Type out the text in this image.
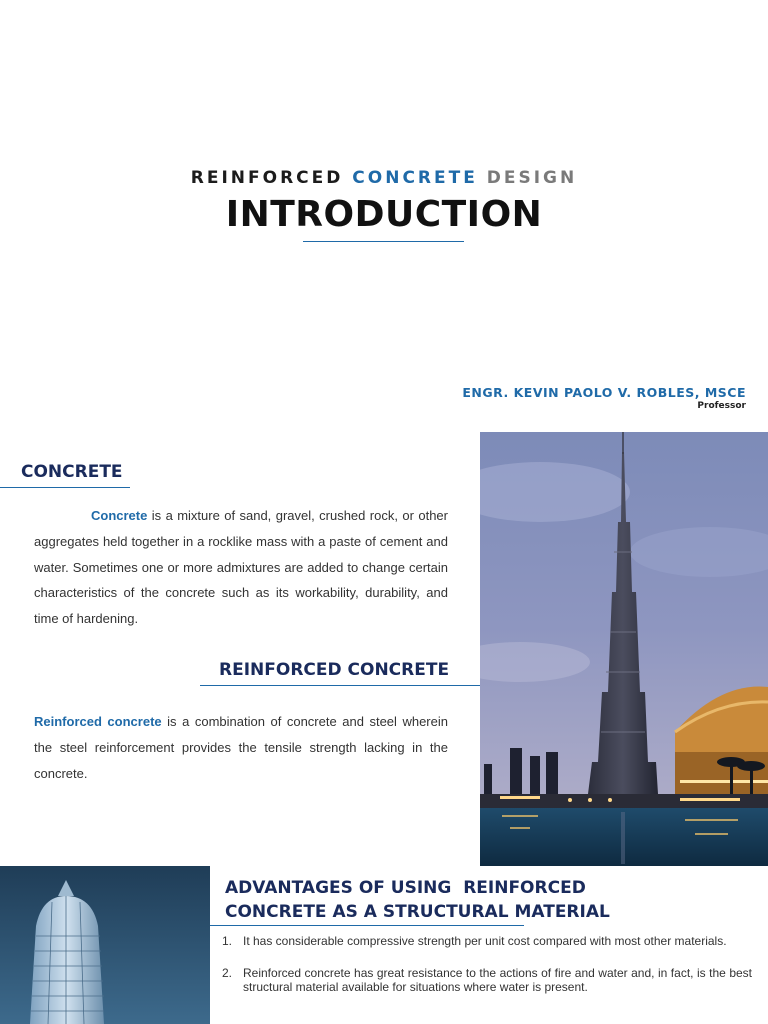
REINFORCED CONCRETE DESIGN
INTRODUCTION
ENGR. KEVIN PAOLO V. ROBLES, MSCE
Professor
CONCRETE
Concrete is a mixture of sand, gravel, crushed rock, or other aggregates held together in a rocklike mass with a paste of cement and water. Sometimes one or more admixtures are added to change certain characteristics of the concrete such as its workability, durability, and time of hardening.
REINFORCED CONCRETE
Reinforced concrete is a combination of concrete and steel wherein the steel reinforcement provides the tensile strength lacking in the concrete.
ADVANTAGES OF USING  REINFORCED
CONCRETE AS A STRUCTURAL MATERIAL
1. It has considerable compressive strength per unit cost compared with most other materials.
2. Reinforced concrete has great resistance to the actions of fire and water and, in fact, is the best structural material available for situations where water is present.
